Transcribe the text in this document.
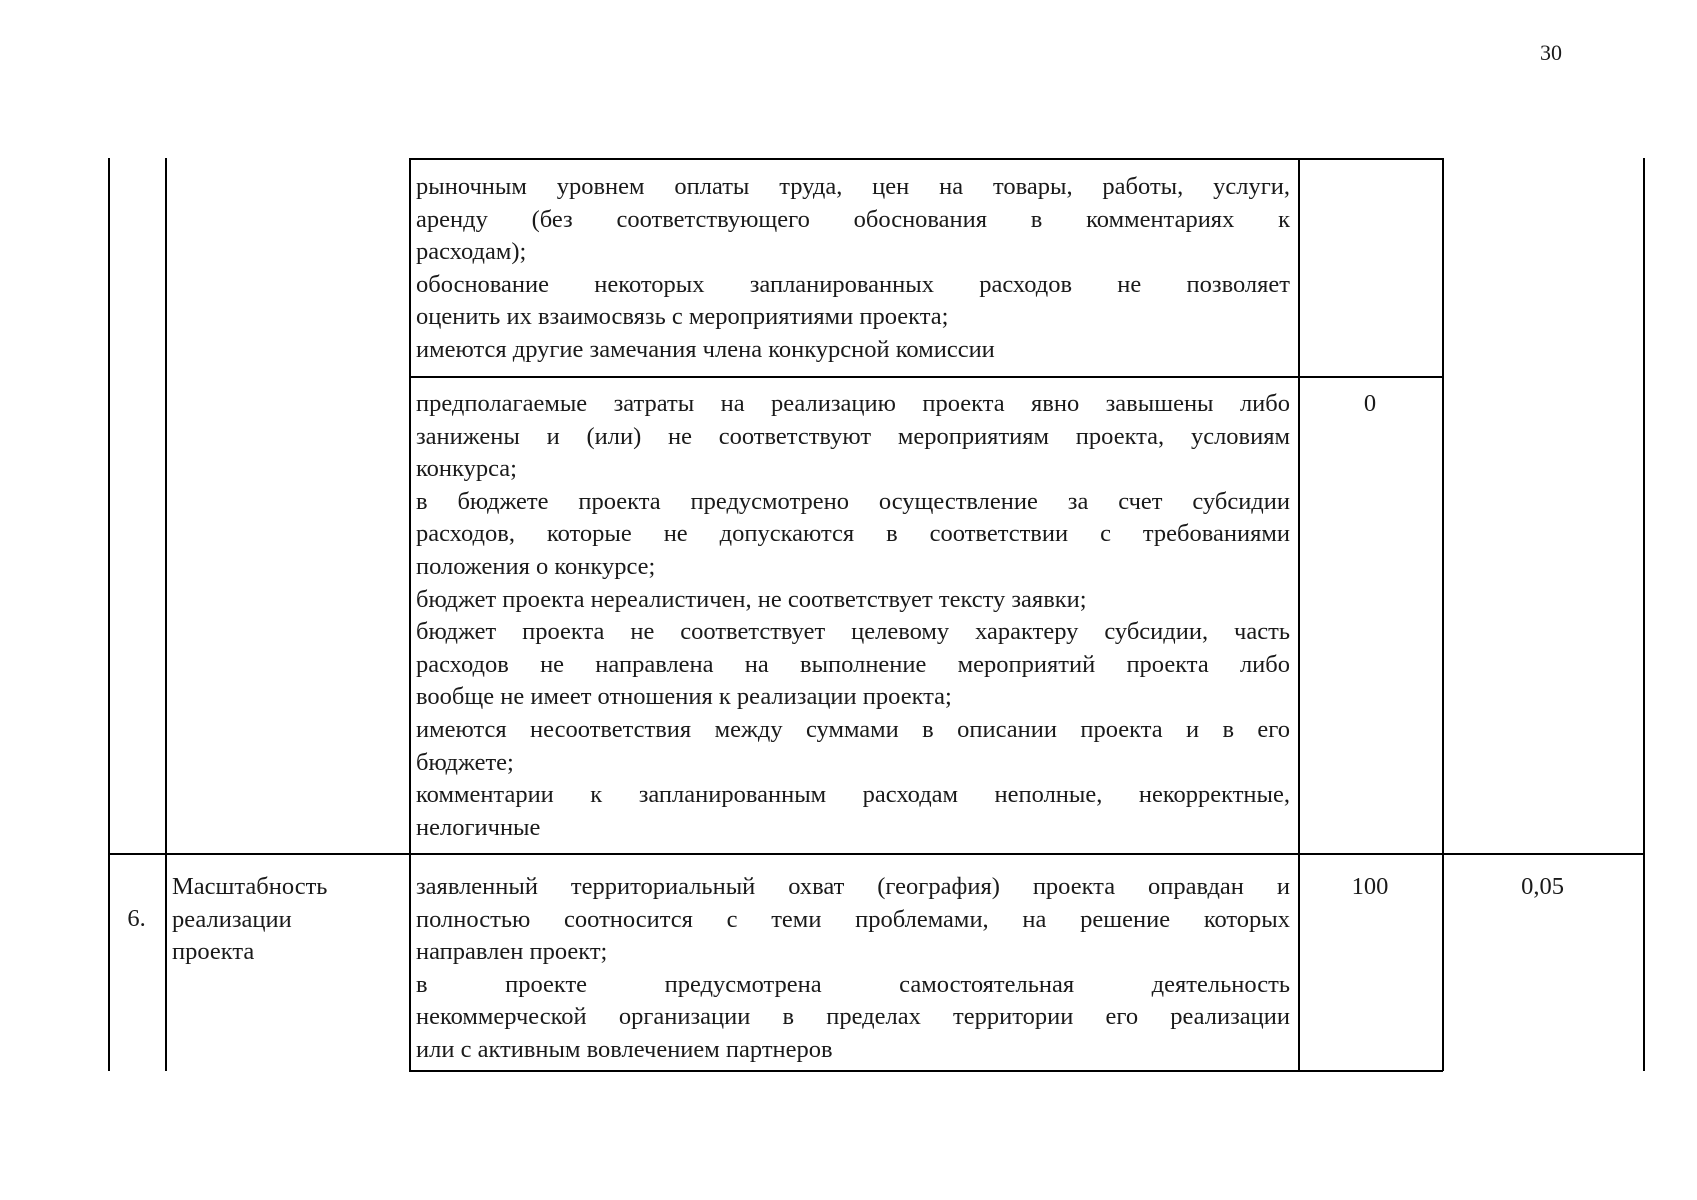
30
рыночным уровнем оплаты труда, цен на товары, работы, услуги,
аренду (без соответствующего обоснования в комментариях к
расходам);
обоснование некоторых запланированных расходов не позволяет
оценить их взаимосвязь с мероприятиями проекта;
имеются другие замечания члена конкурсной комиссии
предполагаемые затраты на реализацию проекта явно завышены либо
занижены и (или) не соответствуют мероприятиям проекта, условиям
конкурса;
в бюджете проекта предусмотрено осуществление за счет субсидии
расходов, которые не допускаются в соответствии с требованиями
положения о конкурсе;
бюджет проекта нереалистичен, не соответствует тексту заявки;
бюджет проекта не соответствует целевому характеру субсидии, часть
расходов не направлена на выполнение мероприятий проекта либо
вообще не имеет отношения к реализации проекта;
имеются несоответствия между суммами в описании проекта и в его
бюджете;
комментарии к запланированным расходам неполные, некорректные,
нелогичные
0
6.
Масштабность
реализации
проекта
заявленный территориальный охват (география) проекта оправдан и
полностью соотносится с теми проблемами, на решение которых
направлен проект;
в проекте предусмотрена самостоятельная деятельность
некоммерческой организации в пределах территории его реализации
или с активным вовлечением партнеров
100	0,05
